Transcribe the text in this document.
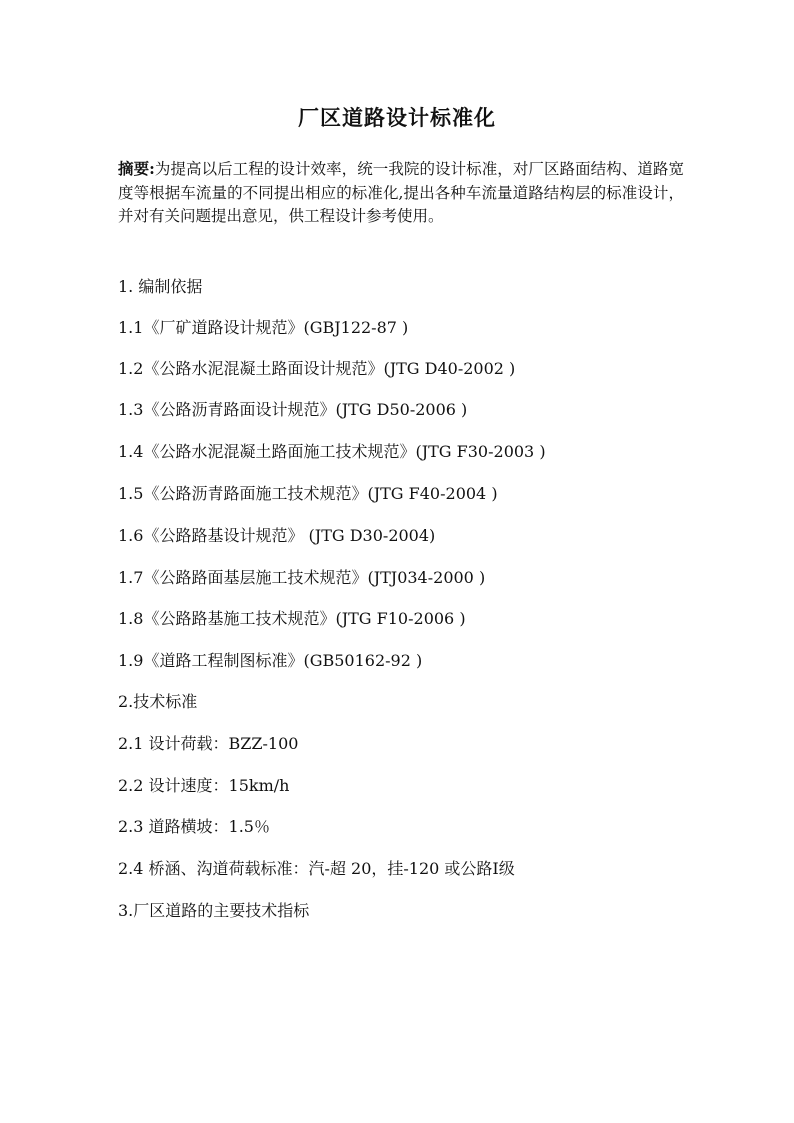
厂区道路设计标准化

摘要:为提高以后工程的设计效率，统一我院的设计标准，对厂区路面结构、道路宽度等根据车流量的不同提出相应的标准化,提出各种车流量道路结构层的标准设计，并对有关问题提出意见，供工程设计参考使用。

1. 编制依据

1.1《厂矿道路设计规范》(GBJ122-87 )

1.2《公路水泥混凝土路面设计规范》(JTG D40-2002 )

1.3《公路沥青路面设计规范》(JTG D50-2006 )

1.4《公路水泥混凝土路面施工技术规范》(JTG F30-2003 )

1.5《公路沥青路面施工技术规范》(JTG F40-2004 )

1.6《公路路基设计规范》 (JTG D30-2004)

1.7《公路路面基层施工技术规范》(JTJ034-2000 )

1.8《公路路基施工技术规范》(JTG F10-2006 )

1.9《道路工程制图标准》(GB50162-92 )

2.技术标准

2.1 设计荷载：BZZ-100

2.2 设计速度：15km/h

2.3 道路横坡：1.5％

2.4 桥涵、沟道荷载标准：汽-超 20，挂-120 或公路Ⅰ级

3.厂区道路的主要技术指标
